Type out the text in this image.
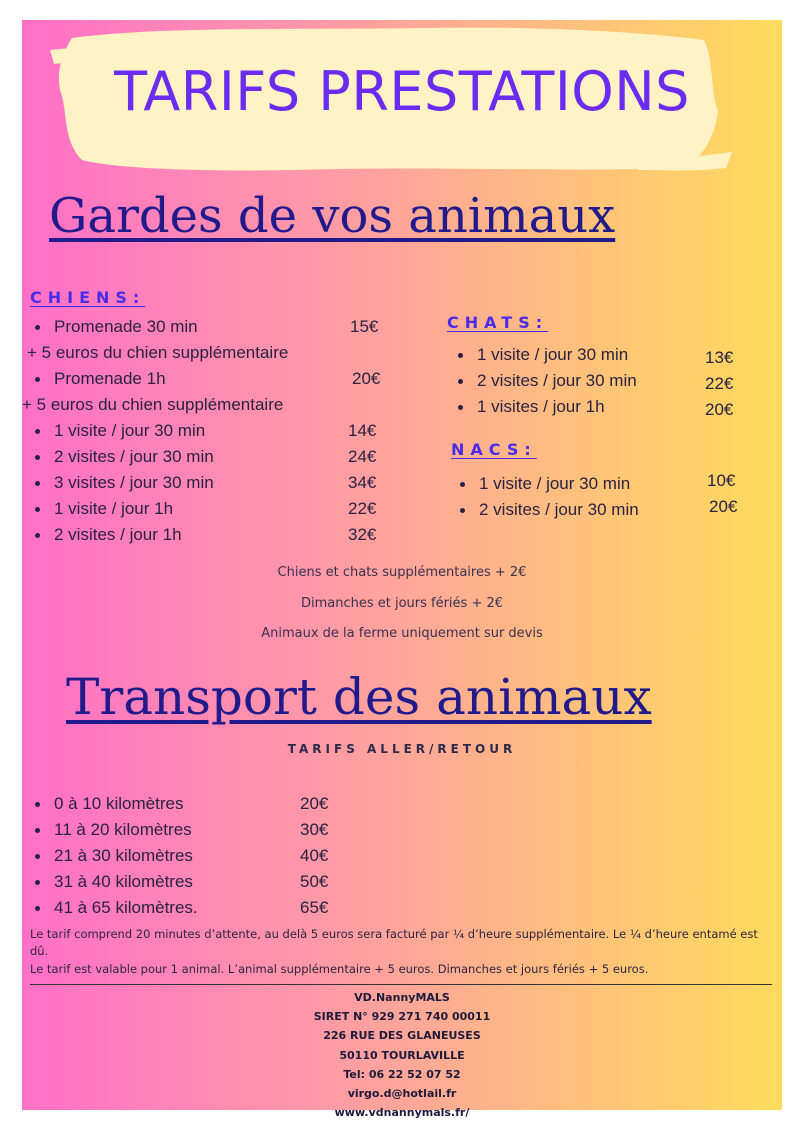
TARIFS PRESTATIONS
Gardes de vos animaux
CHIENS:
Promenade 30 min	15€
+ 5 euros du chien supplémentaire
Promenade 1h	20€
+ 5 euros du chien supplémentaire
1 visite / jour 30 min	14€
2 visites / jour 30 min	24€
3 visites / jour 30 min	34€
1 visite / jour 1h	22€
2 visites / jour 1h	32€
CHATS:
1 visite / jour 30 min	13€
2 visites / jour 30 min	22€
1 visites / jour 1h	20€
NACS:
1 visite / jour 30 min	10€
2 visites / jour 30 min	20€
Chiens et chats supplémentaires + 2€
Dimanches et jours fériés + 2€
Animaux de la ferme uniquement sur devis
Transport des animaux
TARIFS ALLER/RETOUR
0 à 10 kilomètres	20€
11 à 20 kilomètres	30€
21 à 30 kilomètres	40€
31 à 40 kilomètres	50€
41 à 65 kilomètres.	65€
Le tarif comprend 20 minutes d’attente, au delà 5 euros sera facturé par ¼ d’heure supplémentaire. Le ¼ d’heure entamé est dû.
Le tarif est valable pour 1 animal. L’animal supplémentaire + 5 euros. Dimanches et jours fériés + 5 euros.
VD.NannyMALS
SIRET N° 929 271 740 00011
226 RUE DES GLANEUSES
50110 TOURLAVILLE
Tel: 06 22 52 07 52
virgo.d@hotlail.fr
www.vdnannymals.fr/
